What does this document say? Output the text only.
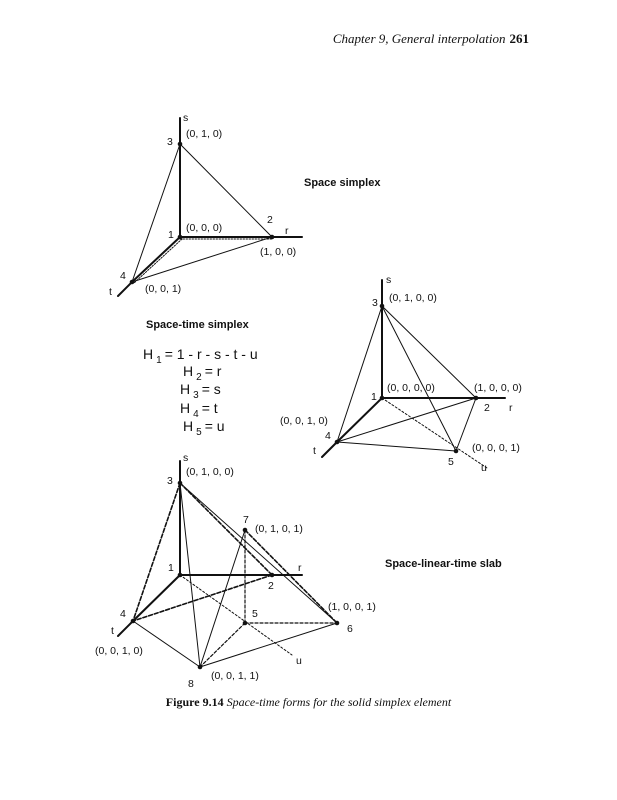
Chapter 9, General interpolation 261
s
3
(0, 1, 0)
1
(0, 0, 0)
2
r
(1, 0, 0)
4
(0, 0, 1)
t
Space simplex
Space-time simplex
s
3 (0, 1, 0, 0)
1
(0, 0, 0, 0)	(1, 0, 0, 0)
2 r
(0, 0, 1, 0)
4
t	(0, 0, 0, 1)
5	u
H $_1$ = 1 - r - s - t - u
H $_2$ = r
H $_3$ = s
H $_4$ = t
H $_5$ = u
s
(0, 1, 0, 0)
3
7
(0, 1, 0, 1)
1	r
2
4
t
(0, 0, 1, 0)
5
(1, 0, 0, 1)
6
u
(0, 0, 1, 1)
8
Space-linear-time slab
Figure 9.14 Space-time forms for the solid simplex element
